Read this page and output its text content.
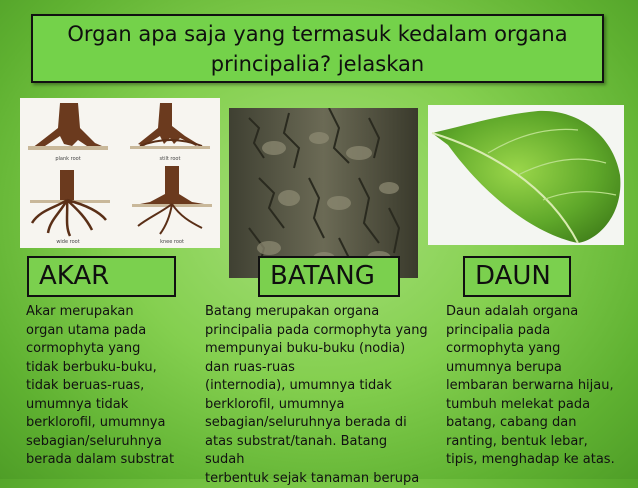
Organ apa saja yang termasuk kedalam organa
principalia? jelaskan
plank root	stilt root
wide root	knee root
AKAR	BATANG	DAUN

Akar merupakan
organ utama pada
cormophyta yang
tidak berbuku-buku,
tidak beruas-ruas,
umumnya tidak
berklorofil, umumnya
sebagian/seluruhnya
berada dalam substrat

Batang merupakan organa
principalia pada cormophyta yang
mempunyai buku-buku (nodia)
dan ruas-ruas
(internodia), umumnya tidak
berklorofil, umumnya
sebagian/seluruhnya berada di
atas substrat/tanah. Batang sudah
terbentuk sejak tanaman berupa

Daun adalah organa
principalia pada
cormophyta yang
umumnya berupa
lembaran berwarna hijau,
tumbuh melekat pada
batang, cabang dan
ranting, bentuk lebar,
tipis, menghadap ke atas.
